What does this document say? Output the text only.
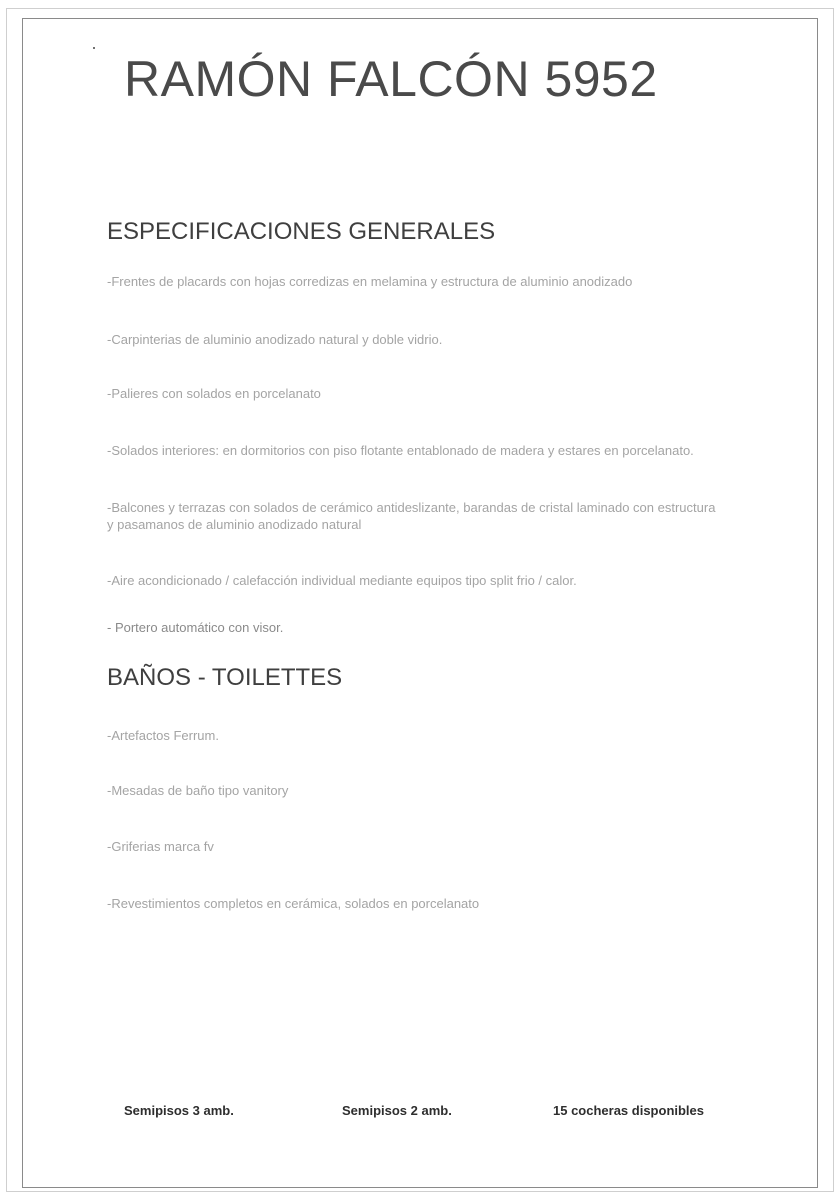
RAMÓN FALCÓN 5952
ESPECIFICACIONES GENERALES

-Frentes de placards con hojas corredizas en melamina y estructura de aluminio anodizado

-Carpinterias de aluminio anodizado natural y doble vidrio.

-Palieres con solados en porcelanato

-Solados interiores: en dormitorios con piso flotante entablonado de madera y estares en porcelanato.

-Balcones y terrazas con solados de cerámico antideslizante, barandas de cristal laminado con estructura y pasamanos de aluminio anodizado natural

-Aire acondicionado / calefacción individual mediante equipos tipo split frio / calor.

- Portero automático con visor.

BAÑOS - TOILETTES

-Artefactos Ferrum.

-Mesadas de baño tipo vanitory

-Griferias marca fv

-Revestimientos completos en cerámica, solados en porcelanato

Semipisos 3 amb.	Semipisos 2 amb.	15 cocheras disponibles
